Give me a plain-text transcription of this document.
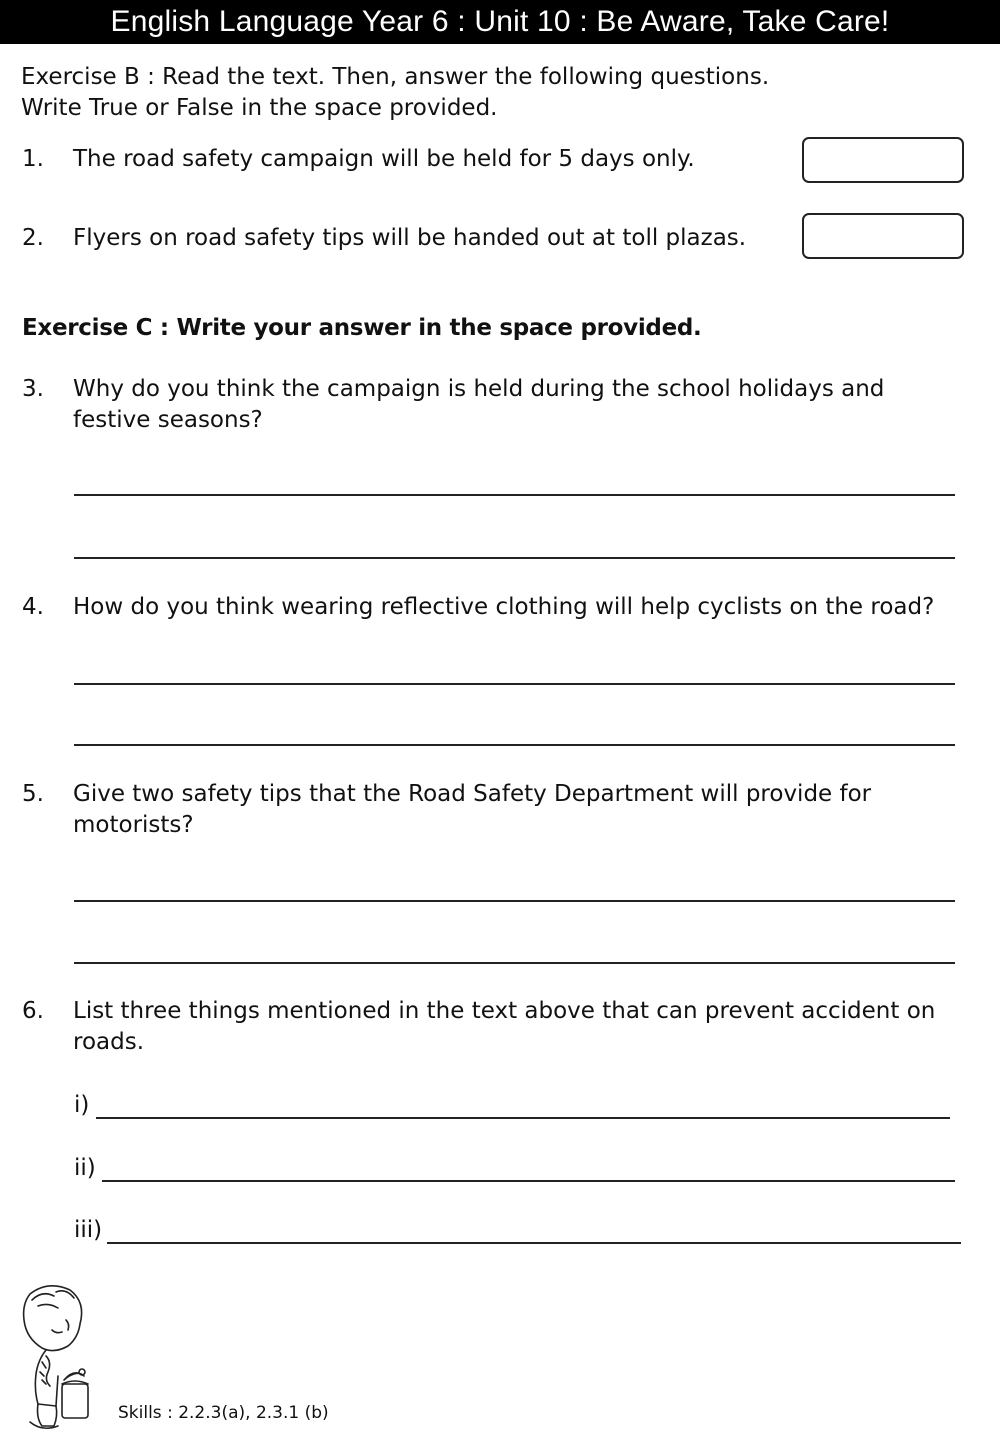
English Language Year 6 : Unit 10 : Be Aware, Take Care!
Exercise B : Read the text. Then, answer the following questions.
Write True or False in the space provided.
1. The road safety campaign will be held for 5 days only.
2. Flyers on road safety tips will be handed out at toll plazas.
Exercise C : Write your answer in the space provided.
3. Why do you think the campaign is held during the school holidays and festive seasons?
4. How do you think wearing reflective clothing will help cyclists on the road?
5. Give two safety tips that the Road Safety Department will provide for motorists?
6. List three things mentioned in the text above that can prevent accident on roads.
i)
ii)
iii)
Skills : 2.2.3(a), 2.3.1 (b)
